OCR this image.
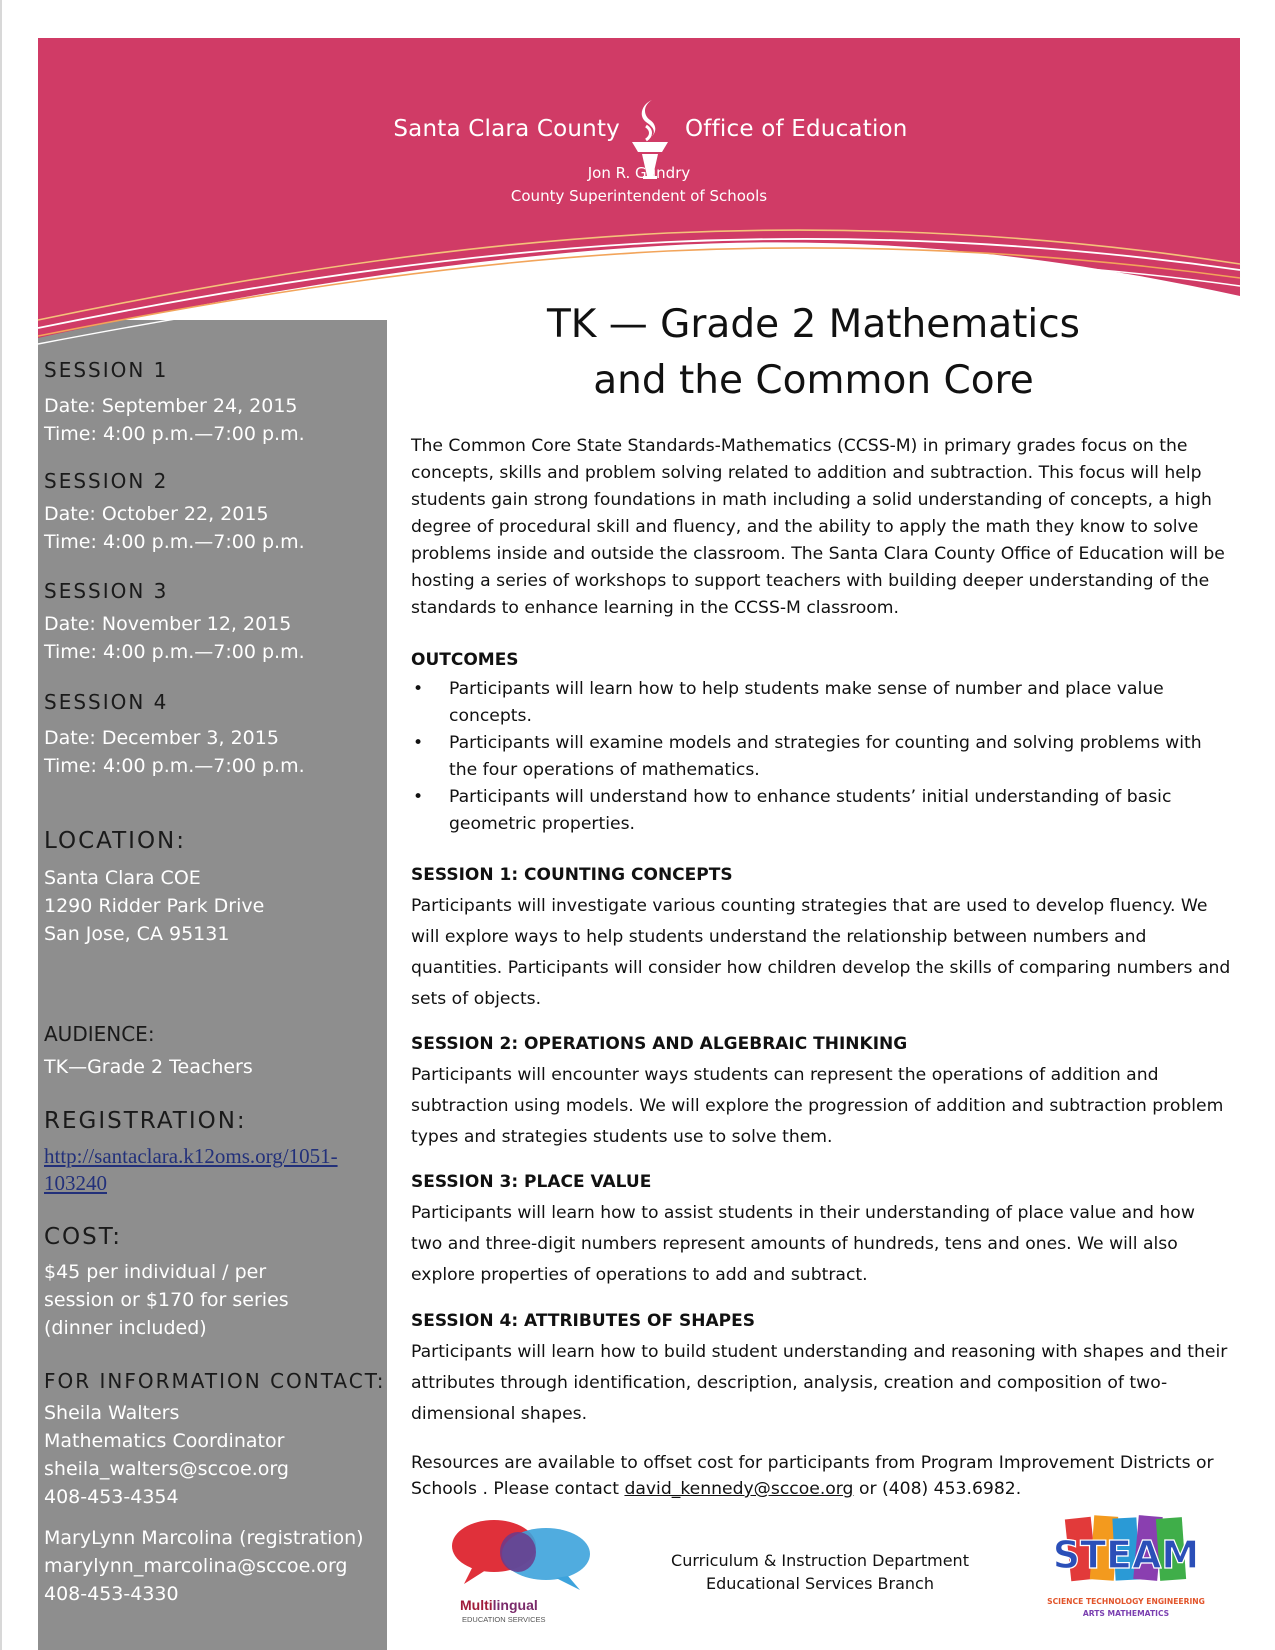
Santa Clara County	Office of Education
Jon R. Gundry
County Superintendent of Schools
TK — Grade 2 Mathematics
and the Common Core
SESSION 1
Date: September 24, 2015
Time: 4:00 p.m.—7:00 p.m.
SESSION 2
Date: October 22, 2015
Time: 4:00 p.m.—7:00 p.m.
SESSION 3
Date: November 12, 2015
Time: 4:00 p.m.—7:00 p.m.
SESSION 4
Date: December 3, 2015
Time: 4:00 p.m.—7:00 p.m.
LOCATION:
Santa Clara COE
1290 Ridder Park Drive
San Jose, CA 95131
AUDIENCE:
TK—Grade 2 Teachers
REGISTRATION:
http://santaclara.k12oms.org/1051-
103240
COST:
$45 per individual / per
session or $170 for series
(dinner included)
FOR INFORMATION CONTACT:
Sheila Walters
Mathematics Coordinator
sheila_walters@sccoe.org
408-453-4354
MaryLynn Marcolina (registration)
marylynn_marcolina@sccoe.org
408-453-4330
The Common Core State Standards-Mathematics (CCSS-M) in primary grades focus on the concepts, skills and problem solving related to addition and subtraction. This focus will help students gain strong foundations in math including a solid understanding of concepts, a high degree of procedural skill and fluency, and the ability to apply the math they know to solve problems inside and outside the classroom. The Santa Clara County Office of Education will be hosting a series of workshops to support teachers with building deeper understanding of the standards to enhance learning in the CCSS-M classroom.
OUTCOMES
• Participants will learn how to help students make sense of number and place value concepts.
• Participants will examine models and strategies for counting and solving problems with the four operations of mathematics.
• Participants will understand how to enhance students’ initial understanding of basic geometric properties.
SESSION 1: COUNTING CONCEPTS
Participants will investigate various counting strategies that are used to develop fluency. We will explore ways to help students understand the relationship between numbers and quantities. Participants will consider how children develop the skills of comparing numbers and sets of objects.
SESSION 2: OPERATIONS AND ALGEBRAIC THINKING
Participants will encounter ways students can represent the operations of addition and subtraction using models. We will explore the progression of addition and subtraction problem types and strategies students use to solve them.
SESSION 3: PLACE VALUE
Participants will learn how to assist students in their understanding of place value and how two and three-digit numbers represent amounts of hundreds, tens and ones. We will also explore properties of operations to add and subtract.
SESSION 4: ATTRIBUTES OF SHAPES
Participants will learn how to build student understanding and reasoning with shapes and their attributes through identification, description, analysis, creation and composition of two-dimensional shapes.
Resources are available to offset cost for participants from Program Improvement Districts or Schools . Please contact david_kennedy@sccoe.org or (408) 453.6982.
Multilingual
EDUCATION SERVICES
Curriculum & Instruction Department
Educational Services Branch
STEAM
SCIENCE TECHNOLOGY ENGINEERING
ARTS MATHEMATICS
